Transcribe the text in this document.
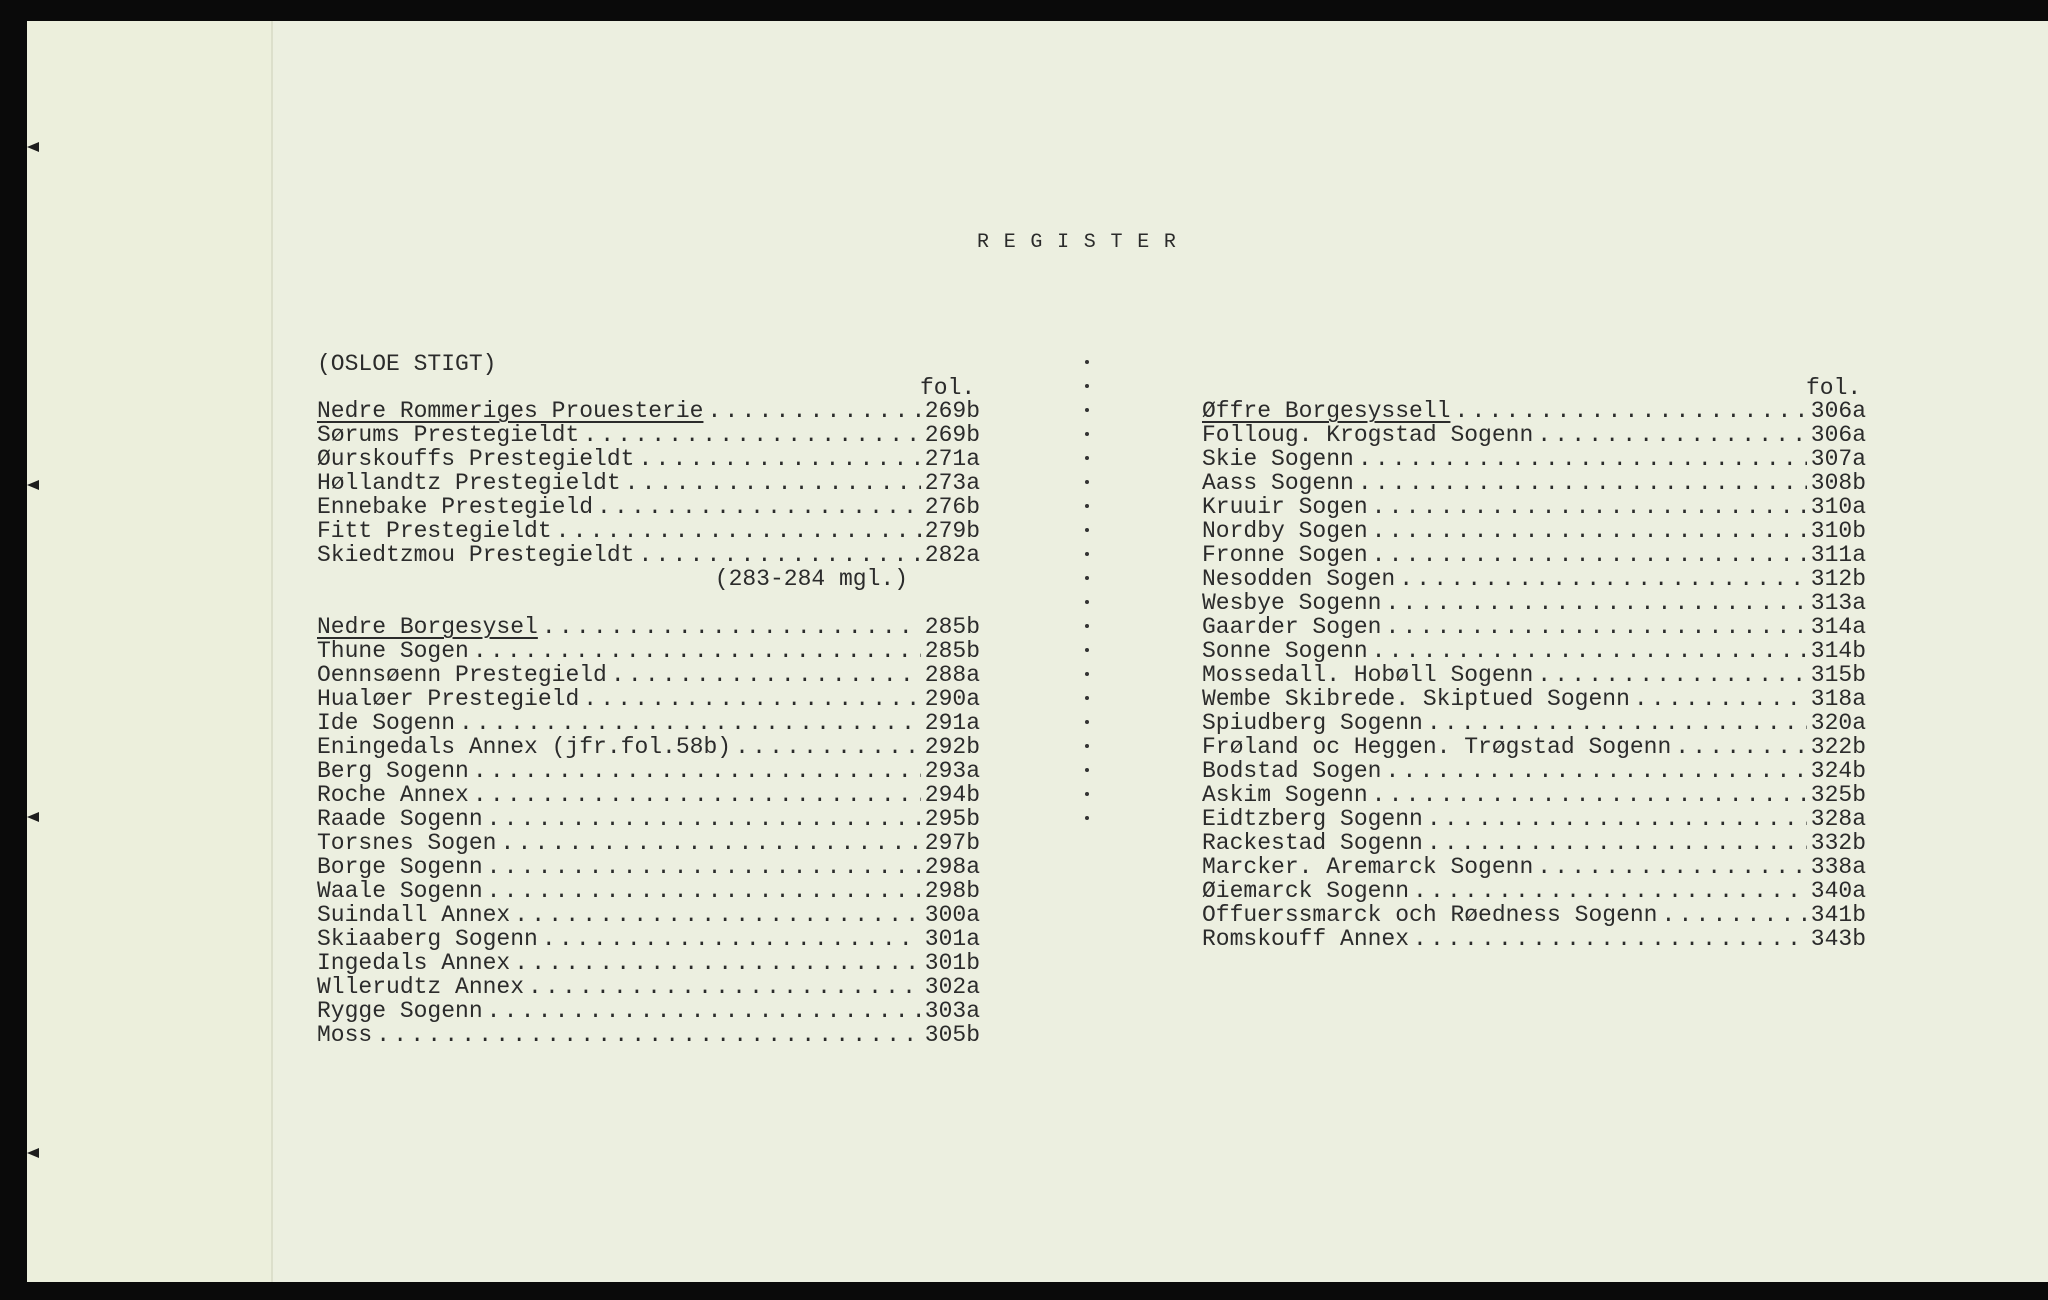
REGISTER
(OSLOE STIGT)
fol.	fol.
Nedre Rommeriges Prouesterie .....	269b
Sørums Prestegieldt .....	269b
Øurskouffs Prestegieldt .....	271a
Høllandtz Prestegieldt .....	273a
Ennebake Prestegield .....	276b
Fitt Prestegieldt .....	279b
Skiedtzmou Prestegieldt .....	282a
(283-284 mgl.)
Nedre Borgesysel .....	285b
Thune Sogen .....	285b
Oennsøenn Prestegield .....	288a
Hualøer Prestegield .....	290a
Ide Sogenn .....	291a
Eningedals Annex (jfr.fol.58b) .....	292b
Berg Sogenn .....	293a
Roche Annex .....	294b
Raade Sogenn .....	295b
Torsnes Sogen .....	297b
Borge Sogenn .....	298a
Waale Sogenn .....	298b
Suindall Annex .....	300a
Skiaaberg Sogenn .....	301a
Ingedals Annex .....	301b
Wllerudtz Annex .....	302a
Rygge Sogenn .....	303a
Moss .....	305b
Øffre Borgesyssell .....	306a
Folloug. Krogstad Sogenn .....	306a
Skie Sogenn .....	307a
Aass Sogenn .....	308b
Kruuir Sogen .....	310a
Nordby Sogen .....	310b
Fronne Sogen .....	311a
Nesodden Sogen .....	312b
Wesbye Sogenn .....	313a
Gaarder Sogen .....	314a
Sonne Sogenn .....	314b
Mossedall. Hobøll Sogenn .....	315b
Wembe Skibrede. Skiptued Sogenn .....	318a
Spiudberg Sogenn .....	320a
Frøland oc Heggen. Trøgstad Sogenn .....	322b
Bodstad Sogen .....	324b
Askim Sogenn .....	325b
Eidtzberg Sogenn .....	328a
Rackestad Sogenn .....	332b
Marcker. Aremarck Sogenn .....	338a
Øiemarck Sogenn .....	340a
Offuerssmarck och Røedness Sogenn .....	341b
Romskouff Annex .....	343b
